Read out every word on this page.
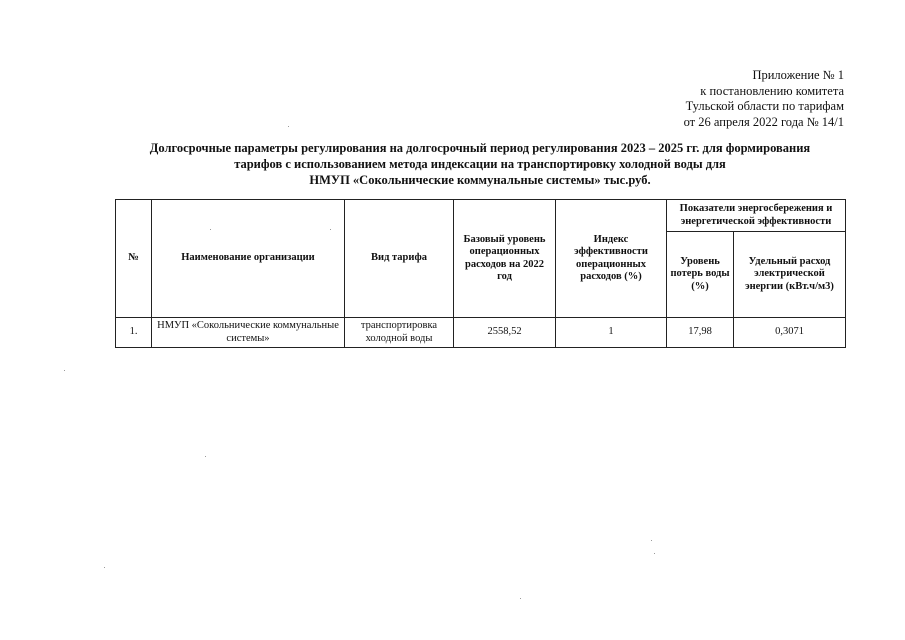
Приложение № 1
к постановлению комитета
Тульской области по тарифам
от 26 апреля 2022 года № 14/1
Долгосрочные параметры регулирования на долгосрочный период регулирования 2023 – 2025 гг. для формирования
тарифов с использованием метода индексации на транспортировку холодной воды для
НМУП «Сокольнические коммунальные системы» тыс.руб.
№	Наименование организации	Вид тарифа	Базовый уровень операционных расходов на 2022 год	Индекс эффективности операционных расходов (%)	Показатели энергосбережения и энергетической эффективности	
					Уровень потерь воды (%)	Удельный расход электрической энергии (кВт.ч/м3)
1.	НМУП «Сокольнические коммунальные системы»	транспортировка холодной воды	2558,52	1	17,98	0,3071
